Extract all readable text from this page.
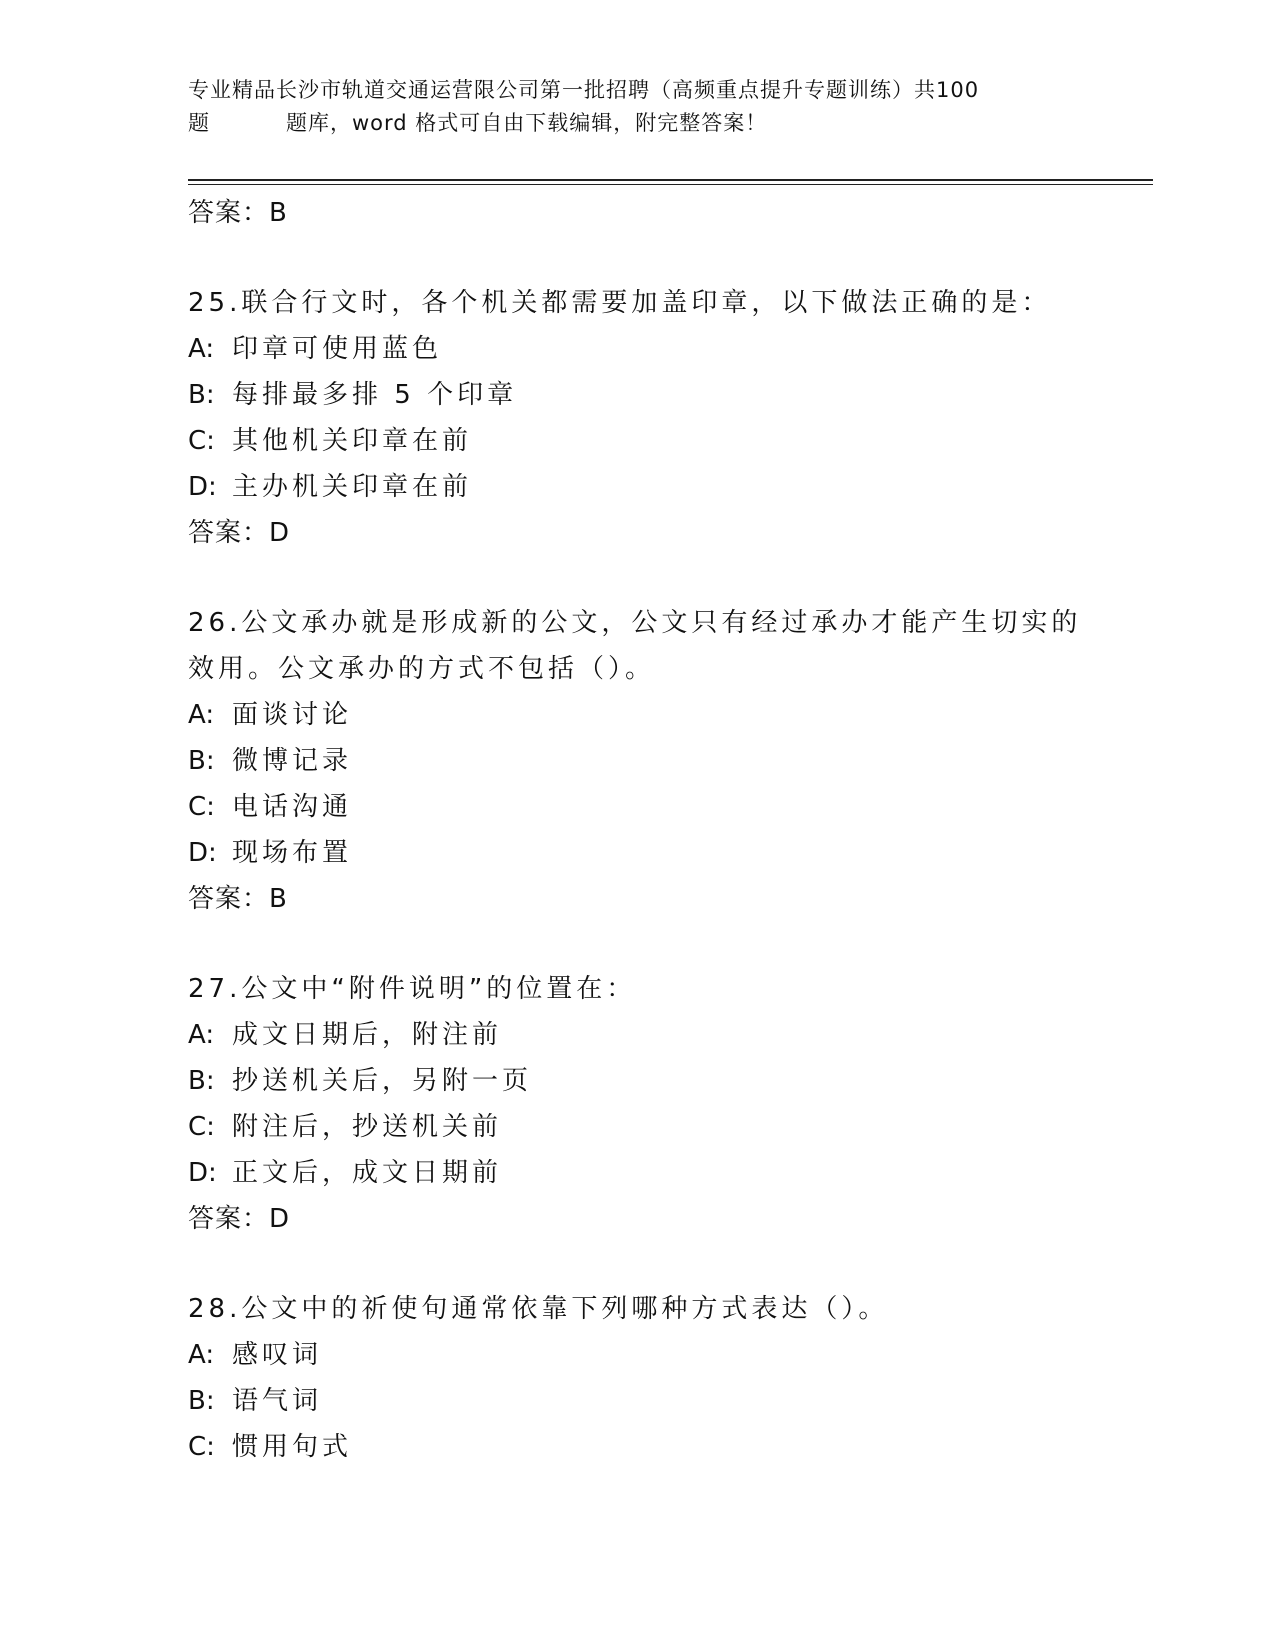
专业精品长沙市轨道交通运营限公司第一批招聘（高频重点提升专题训练）共100
题	题库，word 格式可自由下载编辑，附完整答案！

答案：B

25.联合行文时，各个机关都需要加盖印章，以下做法正确的是：

A: 印章可使用蓝色

B: 每排最多排 5 个印章

C: 其他机关印章在前

D: 主办机关印章在前

答案：D

26.公文承办就是形成新的公文，公文只有经过承办才能产生切实的效用。公文承办的方式不包括（）。

A: 面谈讨论

B: 微博记录

C: 电话沟通

D: 现场布置

答案：B

27.公文中“附件说明”的位置在：

A: 成文日期后，附注前

B: 抄送机关后，另附一页

C: 附注后，抄送机关前

D: 正文后，成文日期前

答案：D

28.公文中的祈使句通常依靠下列哪种方式表达（）。

A: 感叹词

B: 语气词

C: 惯用句式
